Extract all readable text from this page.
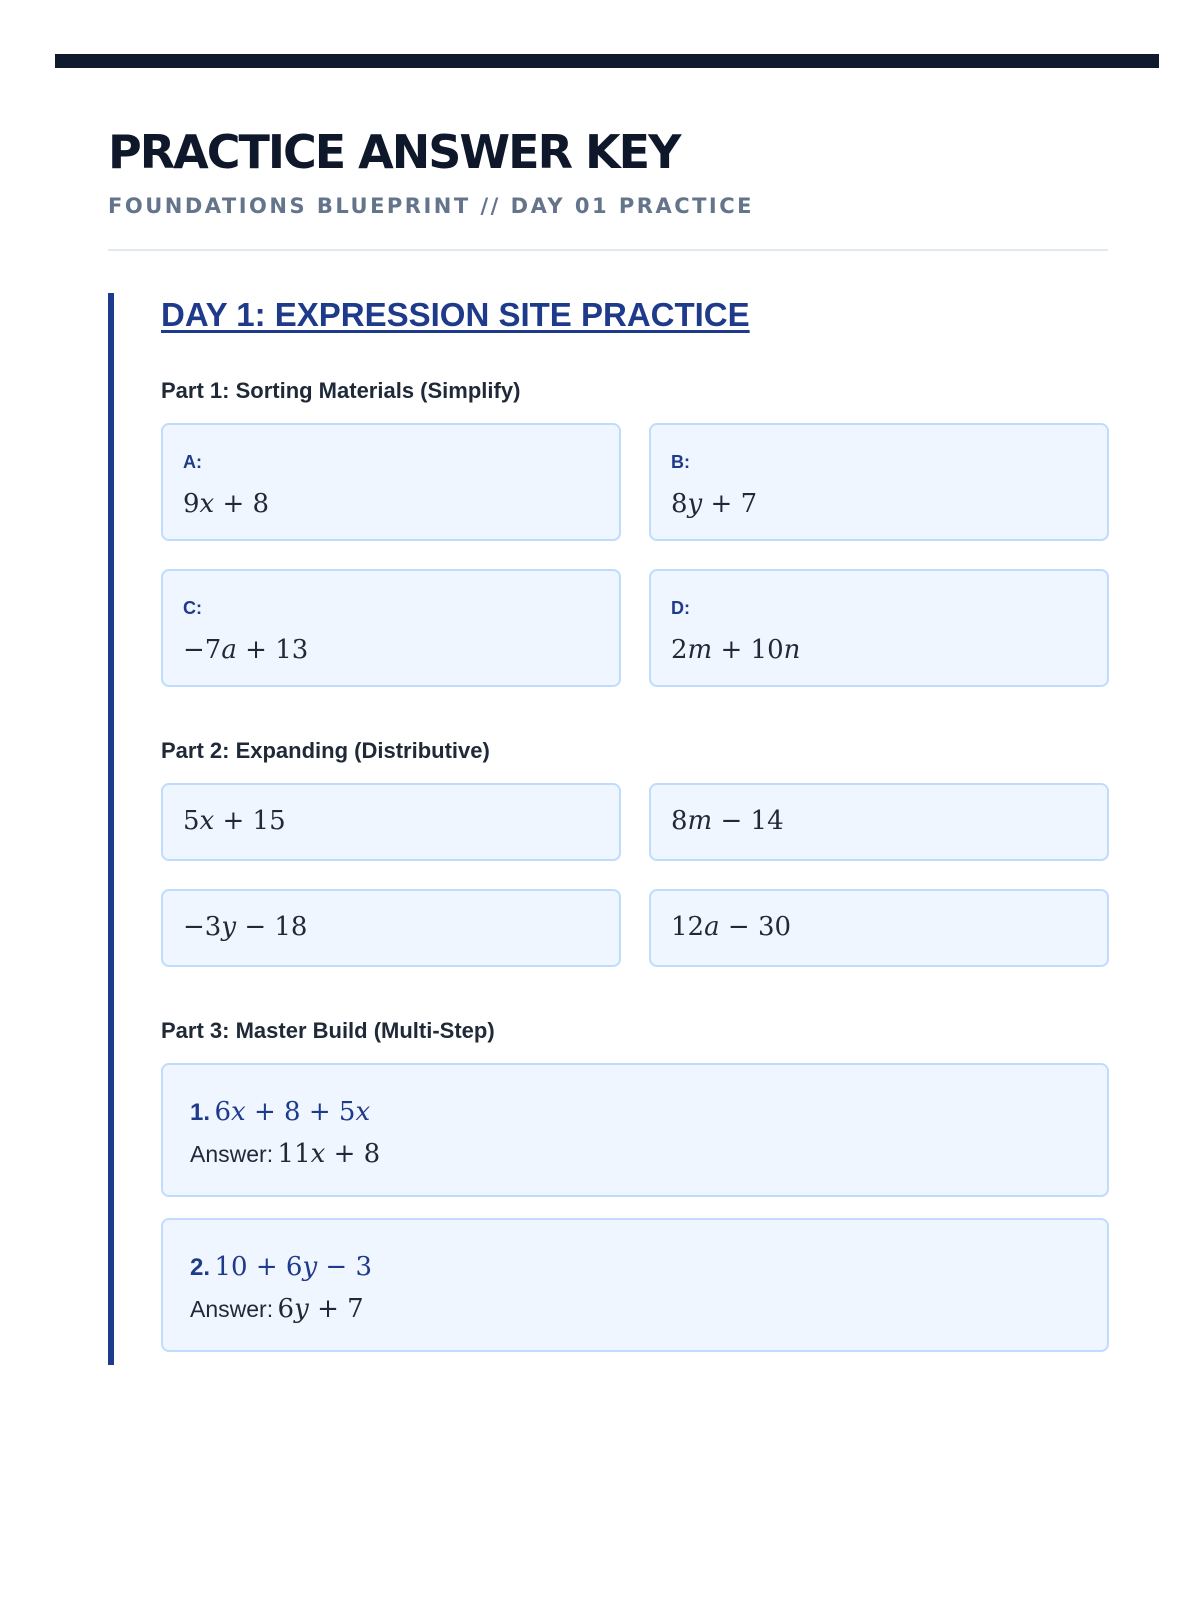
PRACTICE ANSWER KEY
FOUNDATIONS BLUEPRINT // DAY 01 PRACTICE
DAY 1: EXPRESSION SITE PRACTICE
Part 1: Sorting Materials (Simplify)
A:
9x + 8
B:
8y + 7
C:
−7a + 13
D:
2m + 10n
Part 2: Expanding (Distributive)
5x + 15	8m − 14
−3y − 18	12a − 30
Part 3: Master Build (Multi-Step)
1. 6x + 8 + 5x
Answer: 11x + 8
2. 10 + 6y − 3
Answer: 6y + 7
